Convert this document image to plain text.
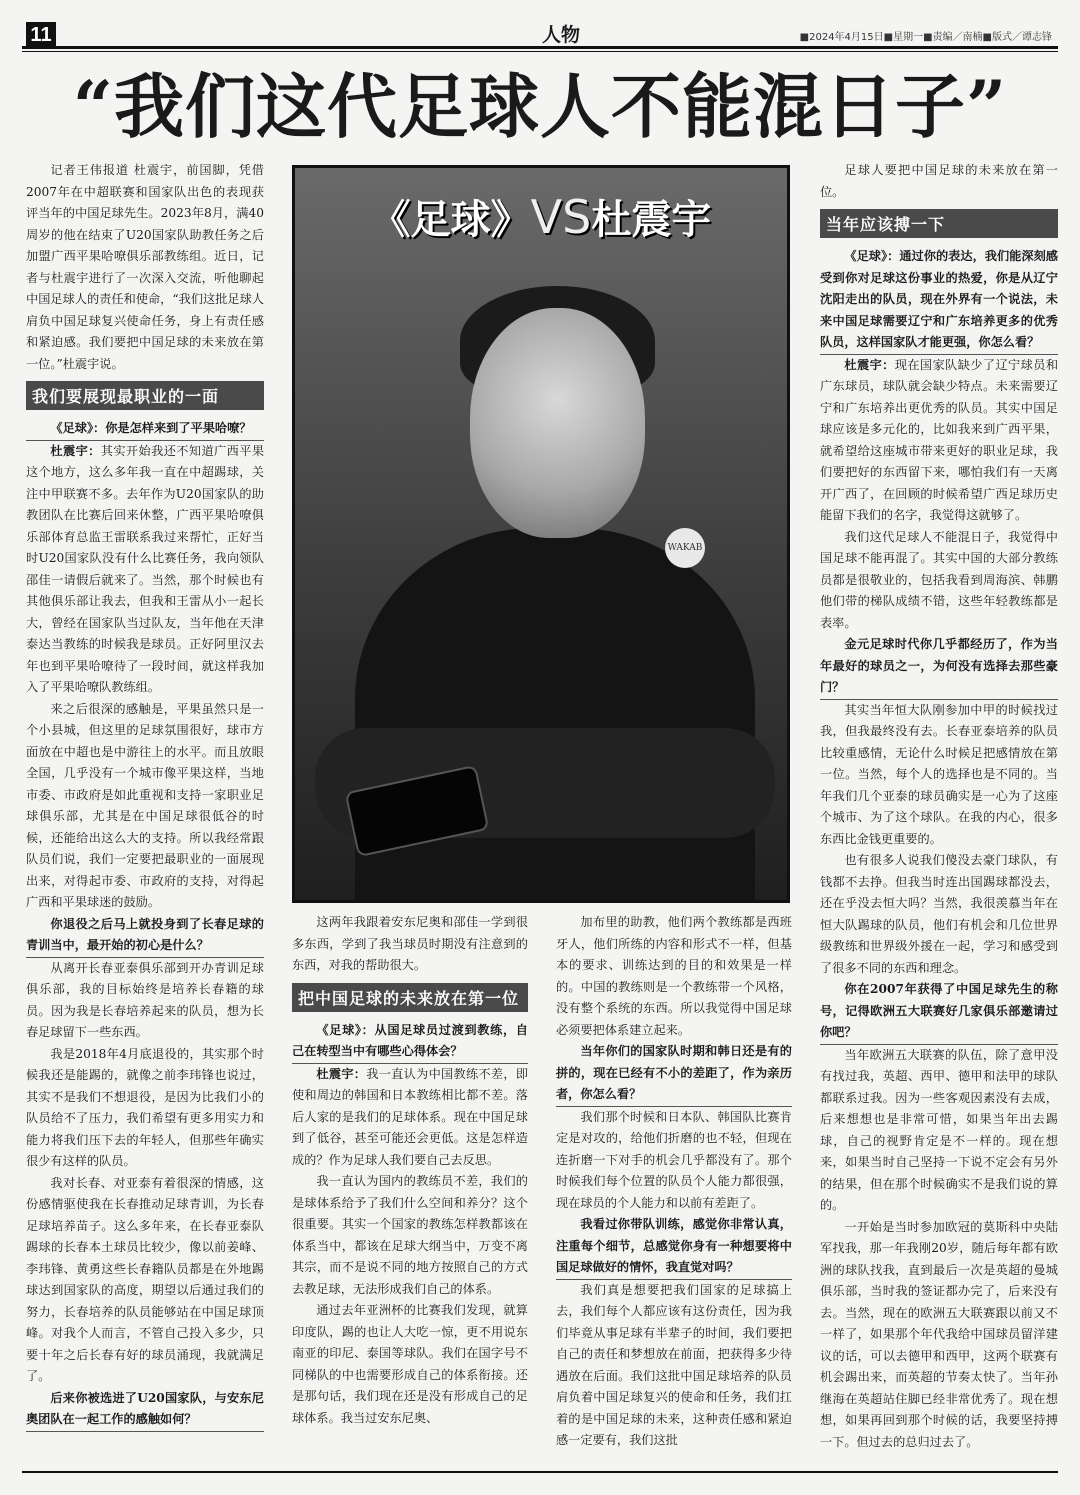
11	人物	■2024年4月15日■星期一■责编／南楠■版式／谭志锋
“我们这代足球人不能混日子”

记者王伟报道 杜震宇，前国脚，凭借2007年在中超联赛和国家队出色的表现获评当年的中国足球先生。2023年8月，满40周岁的他在结束了U20国家队助教任务之后加盟广西平果哈嘹俱乐部教练组。近日，记者与杜震宇进行了一次深入交流，听他聊起中国足球人的责任和使命，“我们这批足球人肩负中国足球复兴使命任务，身上有责任感和紧迫感。我们要把中国足球的未来放在第一位。”杜震宇说。

我们要展现最职业的一面

《足球》：你是怎样来到了平果哈嘹？

杜震宇：其实开始我还不知道广西平果这个地方，这么多年我一直在中超踢球，关注中甲联赛不多。去年作为U20国家队的助教团队在比赛后回来休整，广西平果哈嘹俱乐部体育总监王雷联系我过来帮忙，正好当时U20国家队没有什么比赛任务，我向领队邵佳一请假后就来了。当然，那个时候也有其他俱乐部让我去，但我和王雷从小一起长大，曾经在国家队当过队友，当年他在天津泰达当教练的时候我是球员。正好阿里汉去年也到平果哈嘹待了一段时间，就这样我加入了平果哈嘹队教练组。

来之后很深的感触是，平果虽然只是一个小县城，但这里的足球氛围很好，球市方面放在中超也是中游往上的水平。而且放眼全国，几乎没有一个城市像平果这样，当地市委、市政府是如此重视和支持一家职业足球俱乐部，尤其是在中国足球很低谷的时候，还能给出这么大的支持。所以我经常跟队员们说，我们一定要把最职业的一面展现出来，对得起市委、市政府的支持，对得起广西和平果球迷的鼓励。

你退役之后马上就投身到了长春足球的青训当中，最开始的初心是什么？

从离开长春亚泰俱乐部到开办青训足球俱乐部，我的目标始终是培养长春籍的球员。因为我是长春培养起来的队员，想为长春足球留下一些东西。

我是2018年4月底退役的，其实那个时候我还是能踢的，就像之前李玮锋也说过，其实不是我们不想退役，是因为比我们小的队员给不了压力，我们希望有更多用实力和能力将我们压下去的年轻人，但那些年确实很少有这样的队员。

我对长春、对亚泰有着很深的情感，这份感情驱使我在长春推动足球青训，为长春足球培养苗子。这么多年来，在长春亚泰队踢球的长春本土球员比较少，像以前姜峰、李玮锋、黄勇这些长春籍队员都是在外地踢球达到国家队的高度，期望以后通过我们的努力，长春培养的队员能够站在中国足球顶峰。对我个人而言，不管自己投入多少，只要十年之后长春有好的球员涌现，我就满足了。

后来你被选进了U20国家队，与安东尼奥团队在一起工作的感触如何？

《足球》VS杜震宇
WAKAB

这两年我跟着安东尼奥和邵佳一学到很多东西，学到了我当球员时期没有注意到的东西，对我的帮助很大。

把中国足球的未来放在第一位

《足球》：从国足球员过渡到教练，自己在转型当中有哪些心得体会？

杜震宇：我一直认为中国教练不差，即使和周边的韩国和日本教练相比都不差。落后人家的是我们的足球体系。现在中国足球到了低谷，甚至可能还会更低。这是怎样造成的？作为足球人我们要自己去反思。

我一直认为国内的教练员不差，我们的是球体系给予了我们什么空间和养分？这个很重要。其实一个国家的教练怎样教都该在体系当中，都该在足球大纲当中，万变不离其宗，而不是说不同的地方按照自己的方式去教足球，无法形成我们自己的体系。

通过去年亚洲杯的比赛我们发现，就算印度队，踢的也让人大吃一惊，更不用说东南亚的印尼、泰国等球队。我们在国字号不同梯队的中也需要形成自己的体系衔接。还是那句话，我们现在还是没有形成自己的足球体系。我当过安东尼奥、

加布里的助教，他们两个教练都是西班牙人，他们所练的内容和形式不一样，但基本的要求、训练达到的目的和效果是一样的。中国的教练则是一个教练带一个风格，没有整个系统的东西。所以我觉得中国足球必须要把体系建立起来。

当年你们的国家队时期和韩日还是有的拼的，现在已经有不小的差距了，作为亲历者，你怎么看？

我们那个时候和日本队、韩国队比赛肯定是对攻的，给他们折磨的也不轻，但现在连折磨一下对手的机会几乎都没有了。那个时候我们每个位置的队员个人能力都很强，现在球员的个人能力和以前有差距了。

我看过你带队训练，感觉你非常认真，注重每个细节，总感觉你身有一种想要将中国足球做好的情怀，我直觉对吗？

我们真是想要把我们国家的足球搞上去，我们每个人都应该有这份责任，因为我们毕竟从事足球有半辈子的时间，我们要把自己的责任和梦想放在前面，把获得多少待遇放在后面。我们这批中国足球培养的队员肩负着中国足球复兴的使命和任务，我们扛着的是中国足球的未来，这种责任感和紧迫感一定要有，我们这批

足球人要把中国足球的未来放在第一位。

当年应该搏一下

《足球》：通过你的表达，我们能深刻感受到你对足球这份事业的热爱，你是从辽宁沈阳走出的队员，现在外界有一个说法，未来中国足球需要辽宁和广东培养更多的优秀队员，这样国家队才能更强，你怎么看？

杜震宇：现在国家队缺少了辽宁球员和广东球员，球队就会缺少特点。未来需要辽宁和广东培养出更优秀的队员。其实中国足球应该是多元化的，比如我来到广西平果，就希望给这座城市带来更好的职业足球，我们要把好的东西留下来，哪怕我们有一天离开广西了，在回顾的时候希望广西足球历史能留下我们的名字，我觉得这就够了。

我们这代足球人不能混日子，我觉得中国足球不能再混了。其实中国的大部分教练员都是很敬业的，包括我看到周海滨、韩鹏他们带的梯队成绩不错，这些年轻教练都是表率。

金元足球时代你几乎都经历了，作为当年最好的球员之一，为何没有选择去那些豪门？

其实当年恒大队刚参加中甲的时候找过我，但我最终没有去。长春亚泰培养的队员比较重感情，无论什么时候足把感情放在第一位。当然，每个人的选择也是不同的。当年我们几个亚泰的球员确实是一心为了这座个城市、为了这个球队。在我的内心，很多东西比金钱更重要的。

也有很多人说我们傻没去豪门球队，有钱都不去挣。但我当时连出国踢球都没去，还在乎没去恒大吗？当然，我很羡慕当年在恒大队踢球的队员，他们有机会和几位世界级教练和世界级外援在一起，学习和感受到了很多不同的东西和理念。

你在2007年获得了中国足球先生的称号，记得欧洲五大联赛好几家俱乐部邀请过你吧？

当年欧洲五大联赛的队伍，除了意甲没有找过我，英超、西甲、德甲和法甲的球队都联系过我。因为一些客观因素没有去成，后来想想也是非常可惜，如果当年出去踢球，自己的视野肯定是不一样的。现在想来，如果当时自己坚持一下说不定会有另外的结果，但在那个时候确实不是我们说的算的。

一开始是当时参加欧冠的莫斯科中央陆军找我，那一年我刚20岁，随后每年都有欧洲的球队找我，直到最后一次是英超的曼城俱乐部，当时我的签证都办完了，后来没有去。当然，现在的欧洲五大联赛跟以前又不一样了，如果那个年代我给中国球员留洋建议的话，可以去德甲和西甲，这两个联赛有机会踢出来，而英超的节奏太快了。当年孙继海在英超站住脚已经非常优秀了。现在想想，如果再回到那个时候的话，我要坚持搏一下。但过去的总归过去了。
